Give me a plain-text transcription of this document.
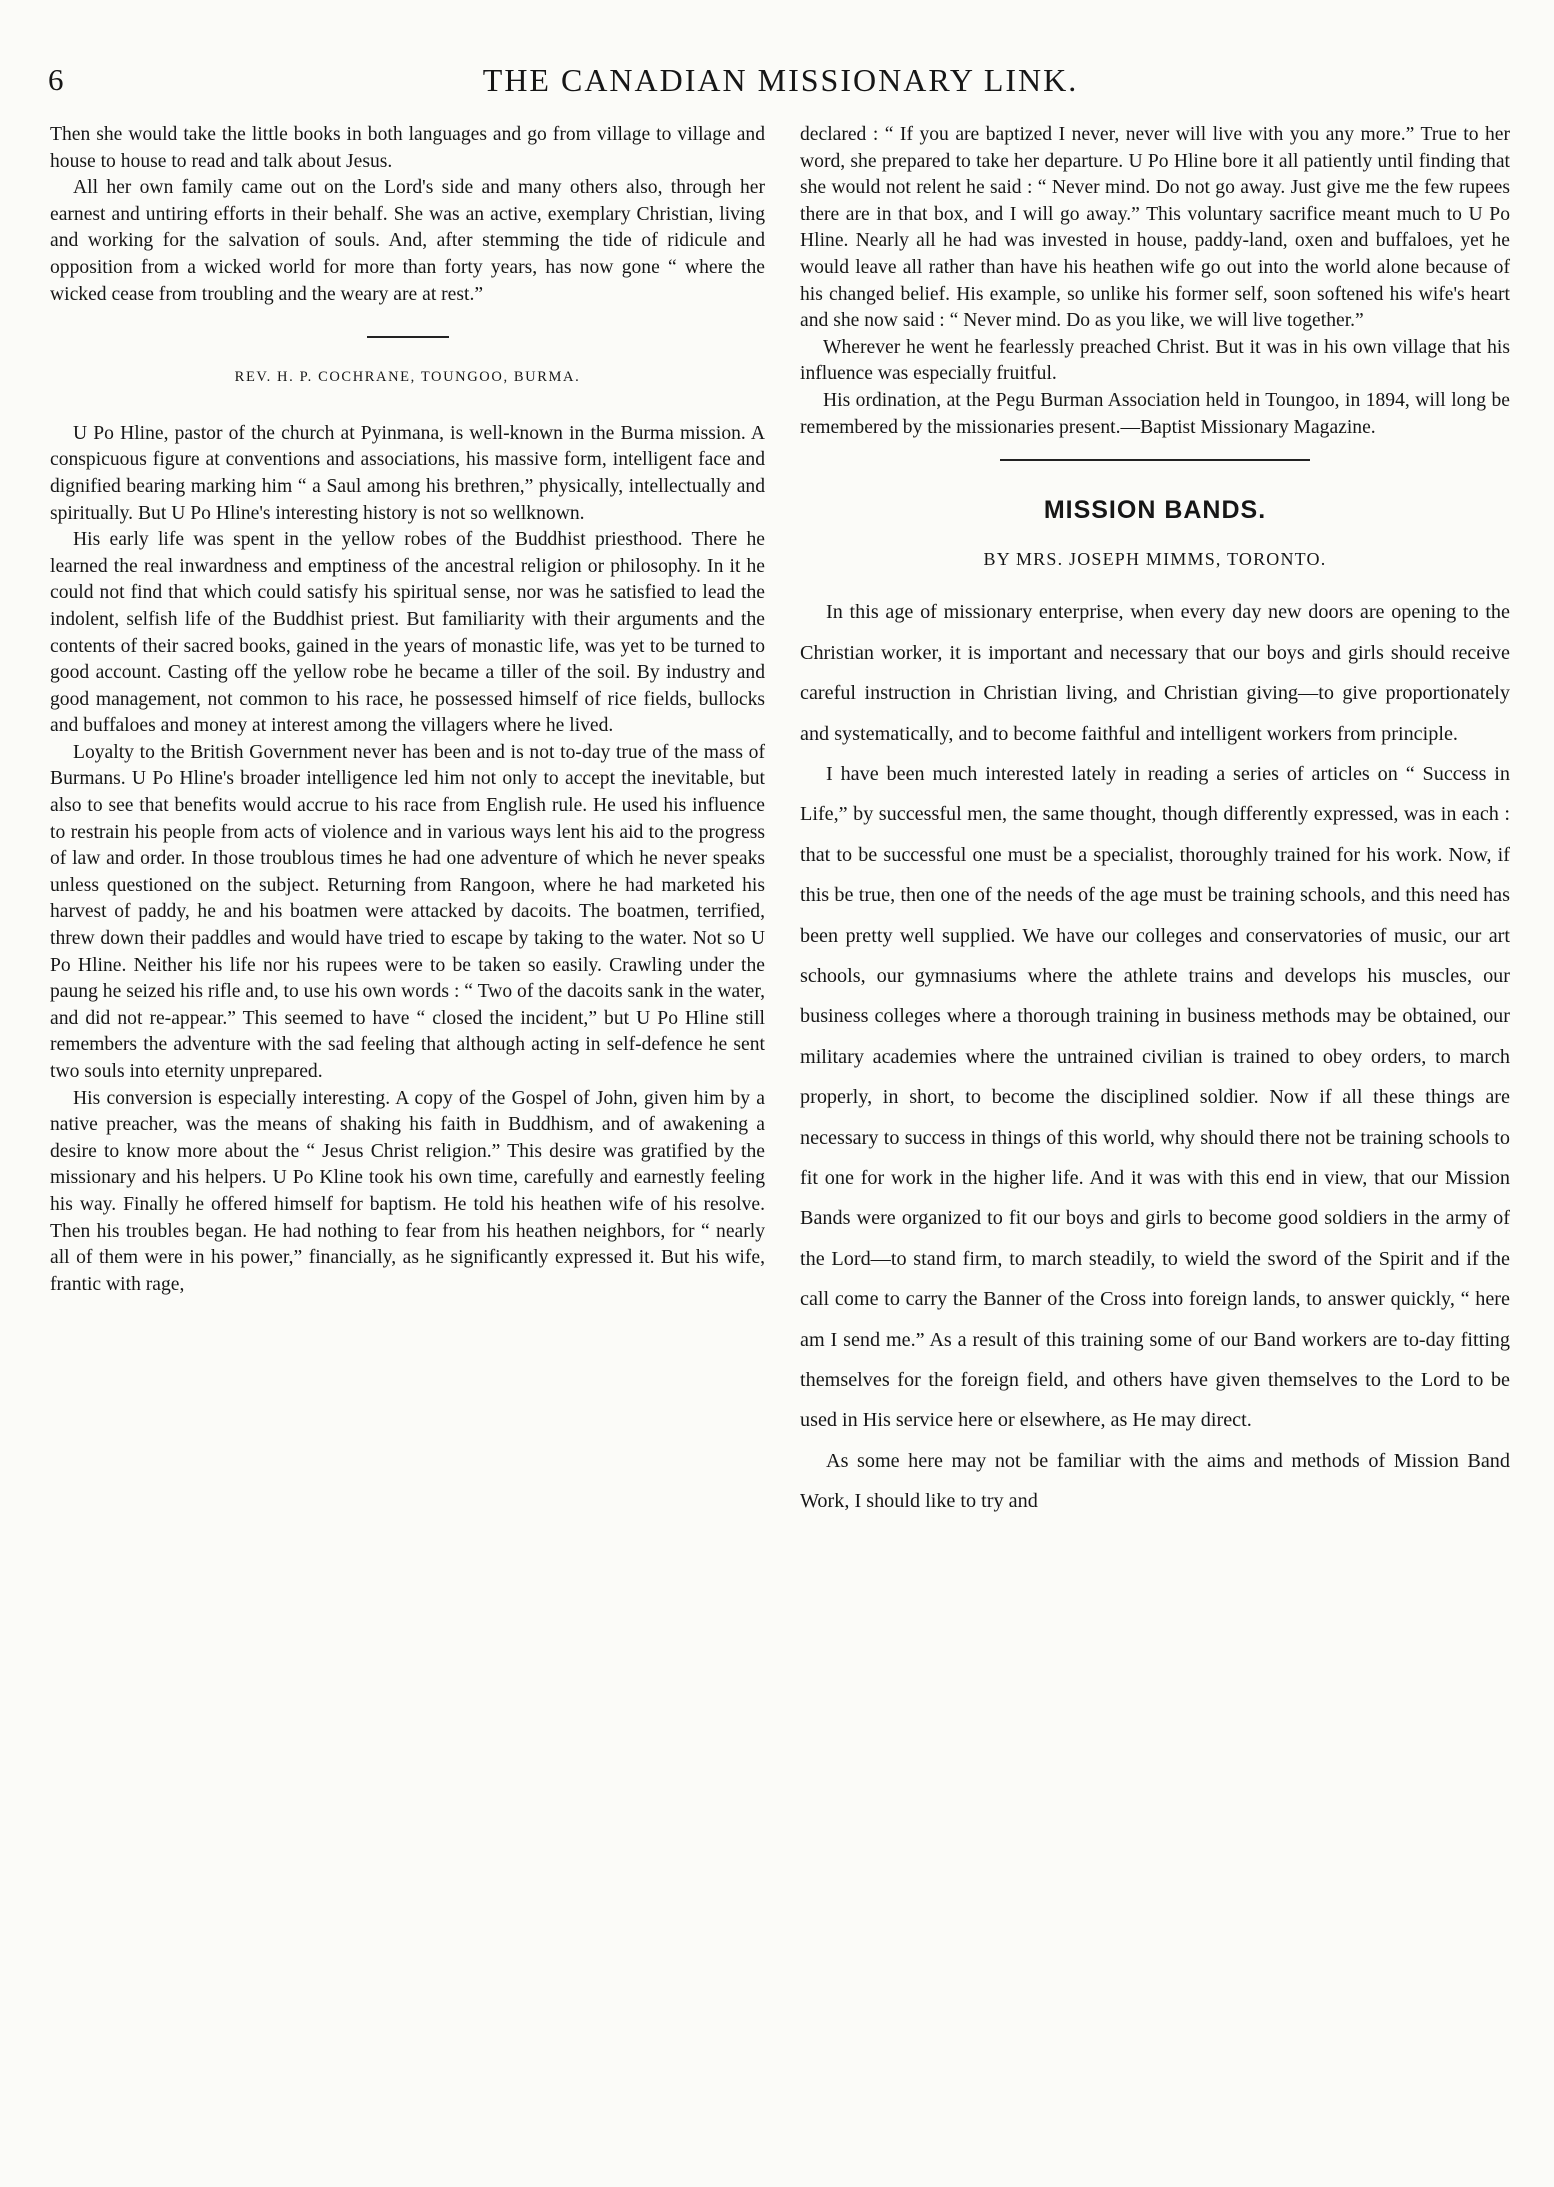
6	THE CANADIAN MISSIONARY LINK.

Then she would take the little books in both languages and go from village to village and house to house to read and talk about Jesus.

All her own family came out on the Lord's side and many others also, through her earnest and untiring efforts in their behalf. She was an active, exemplary Christian, living and working for the salvation of souls. And, after stemming the tide of ridicule and opposition from a wicked world for more than forty years, has now gone “ where the wicked cease from troubling and the weary are at rest.”

REV. H. P. COCHRANE, TOUNGOO, BURMA.

U Po Hline, pastor of the church at Pyinmana, is well-known in the Burma mission. A conspicuous figure at conventions and associations, his massive form, intelligent face and dignified bearing marking him “ a Saul among his brethren,” physically, intellectually and spiritually. But U Po Hline's interesting history is not so wellknown.

His early life was spent in the yellow robes of the Buddhist priesthood. There he learned the real inwardness and emptiness of the ancestral religion or philosophy. In it he could not find that which could satisfy his spiritual sense, nor was he satisfied to lead the indolent, selfish life of the Buddhist priest. But familiarity with their arguments and the contents of their sacred books, gained in the years of monastic life, was yet to be turned to good account. Casting off the yellow robe he became a tiller of the soil. By industry and good management, not common to his race, he possessed himself of rice fields, bullocks and buffaloes and money at interest among the villagers where he lived.

Loyalty to the British Government never has been and is not to-day true of the mass of Burmans. U Po Hline's broader intelligence led him not only to accept the inevitable, but also to see that benefits would accrue to his race from English rule. He used his influence to restrain his people from acts of violence and in various ways lent his aid to the progress of law and order. In those troublous times he had one adventure of which he never speaks unless questioned on the subject. Returning from Rangoon, where he had marketed his harvest of paddy, he and his boatmen were attacked by dacoits. The boatmen, terrified, threw down their paddles and would have tried to escape by taking to the water. Not so U Po Hline. Neither his life nor his rupees were to be taken so easily. Crawling under the paung he seized his rifle and, to use his own words : “ Two of the dacoits sank in the water, and did not re-appear.” This seemed to have “ closed the incident,” but U Po Hline still remembers the adventure with the sad feeling that although acting in self-defence he sent two souls into eternity unprepared.

His conversion is especially interesting. A copy of the Gospel of John, given him by a native preacher, was the means of shaking his faith in Buddhism, and of awakening a desire to know more about the “ Jesus Christ religion.” This desire was gratified by the missionary and his helpers. U Po Kline took his own time, carefully and earnestly feeling his way. Finally he offered himself for baptism. He told his heathen wife of his resolve. Then his troubles began. He had nothing to fear from his heathen neighbors, for “ nearly all of them were in his power,” financially, as he significantly expressed it. But his wife, frantic with rage,

declared : “ If you are baptized I never, never will live with you any more.” True to her word, she prepared to take her departure. U Po Hline bore it all patiently until finding that she would not relent he said : “ Never mind. Do not go away. Just give me the few rupees there are in that box, and I will go away.” This voluntary sacrifice meant much to U Po Hline. Nearly all he had was invested in house, paddy-land, oxen and buffaloes, yet he would leave all rather than have his heathen wife go out into the world alone because of his changed belief. His example, so unlike his former self, soon softened his wife's heart and she now said : “ Never mind. Do as you like, we will live together.”

Wherever he went he fearlessly preached Christ. But it was in his own village that his influence was especially fruitful.

His ordination, at the Pegu Burman Association held in Toungoo, in 1894, will long be remembered by the missionaries present.—Baptist Missionary Magazine.

MISSION BANDS.
BY MRS. JOSEPH MIMMS, TORONTO.

In this age of missionary enterprise, when every day new doors are opening to the Christian worker, it is important and necessary that our boys and girls should receive careful instruction in Christian living, and Christian giving—to give proportionately and systematically, and to become faithful and intelligent workers from principle.

I have been much interested lately in reading a series of articles on “ Success in Life,” by successful men, the same thought, though differently expressed, was in each : that to be successful one must be a specialist, thoroughly trained for his work. Now, if this be true, then one of the needs of the age must be training schools, and this need has been pretty well supplied. We have our colleges and conservatories of music, our art schools, our gymnasiums where the athlete trains and develops his muscles, our business colleges where a thorough training in business methods may be obtained, our military academies where the untrained civilian is trained to obey orders, to march properly, in short, to become the disciplined soldier. Now if all these things are necessary to success in things of this world, why should there not be training schools to fit one for work in the higher life. And it was with this end in view, that our Mission Bands were organized to fit our boys and girls to become good soldiers in the army of the Lord—to stand firm, to march steadily, to wield the sword of the Spirit and if the call come to carry the Banner of the Cross into foreign lands, to answer quickly, “ here am I send me.” As a result of this training some of our Band workers are to-day fitting themselves for the foreign field, and others have given themselves to the Lord to be used in His service here or elsewhere, as He may direct.

As some here may not be familiar with the aims and methods of Mission Band Work, I should like to try and
